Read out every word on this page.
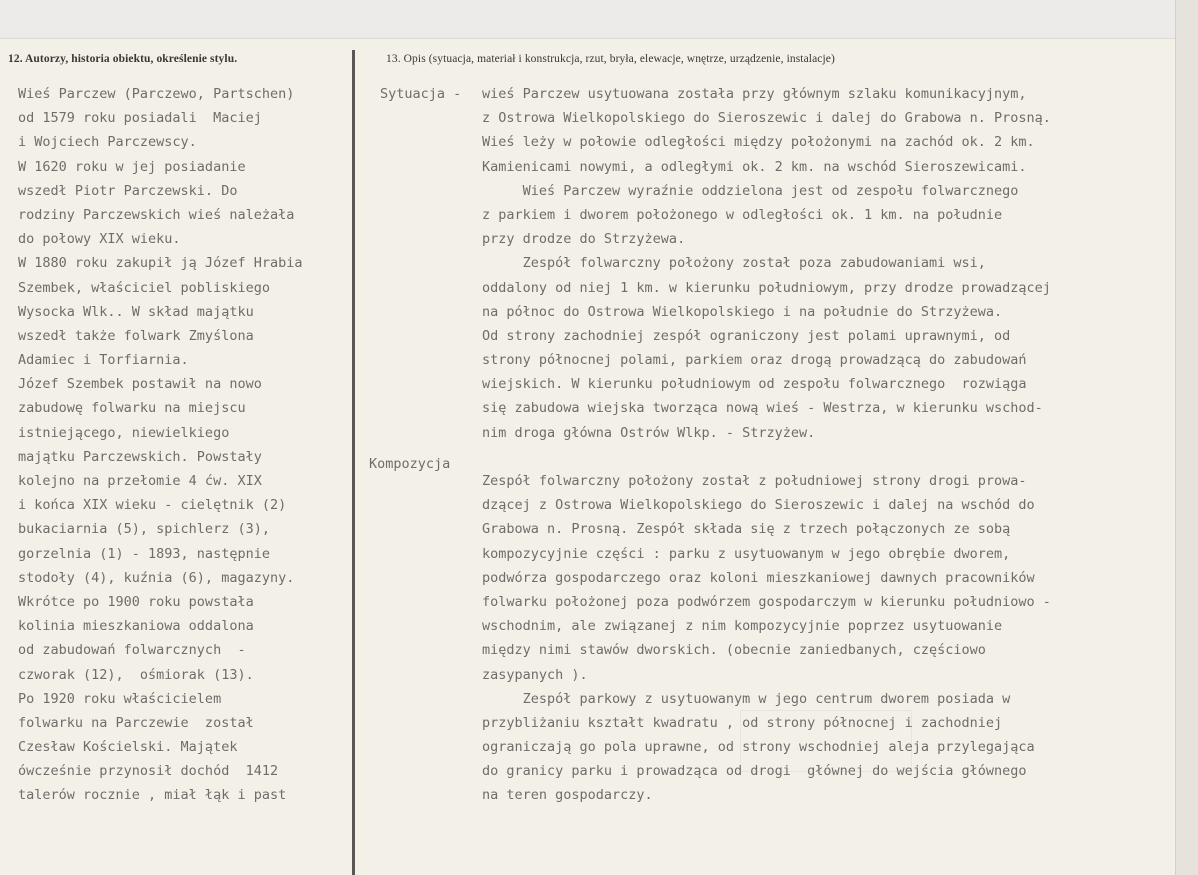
12. Autorzy, historia obiektu, określenie stylu.	13. Opis (sytuacja, materiał i konstrukcja, rzut, bryła, elewacje, wnętrze, urządzenie, instalacje)
Sytuacja -
Kompozycja
Wieś Parczew (Parczewo, Partschen)
od 1579 roku posiadali  Maciej
i Wojciech Parczewscy.
W 1620 roku w jej posiadanie
wszedł Piotr Parczewski. Do
rodziny Parczewskich wieś należała
do połowy XIX wieku.
W 1880 roku zakupił ją Józef Hrabia
Szembek, właściciel pobliskiego
Wysocka Wlk.. W skład majątku
wszedł także folwark Zmyślona
Adamiec i Torfiarnia.
Józef Szembek postawił na nowo
zabudowę folwarku na miejscu
istniejącego, niewielkiego
majątku Parczewskich. Powstały
kolejno na przełomie 4 ćw. XIX
i końca XIX wieku - cielętnik (2)
bukaciarnia (5), spichlerz (3),
gorzelnia (1) - 1893, następnie
stodoły (4), kuźnia (6), magazyny.
Wkrótce po 1900 roku powstała
kolinia mieszkaniowa oddalona
od zabudowań folwarcznych  -
czworak (12),  ośmiorak (13).
Po 1920 roku właścicielem
folwarku na Parczewie  został
Czesław Kościelski. Majątek
ówcześnie przynosił dochód  1412
talerów rocznie , miał łąk i past
wieś Parczew usytuowana została przy głównym szlaku komunikacyjnym,
z Ostrowa Wielkopolskiego do Sieroszewic i dalej do Grabowa n. Prosną.
Wieś leży w połowie odległości między położonymi na zachód ok. 2 km.
Kamienicami nowymi, a odległymi ok. 2 km. na wschód Sieroszewicami.
Wieś Parczew wyraźnie oddzielona jest od zespołu folwarcznego
z parkiem i dworem położonego w odległości ok. 1 km. na południe
przy drodze do Strzyżewa.
Zespół folwarczny położony został poza zabudowaniami wsi,
oddalony od niej 1 km. w kierunku południowym, przy drodze prowadzącej
na północ do Ostrowa Wielkopolskiego i na południe do Strzyżewa.
Od strony zachodniej zespół ograniczony jest polami uprawnymi, od
strony północnej polami, parkiem oraz drogą prowadzącą do zabudowań
wiejskich. W kierunku południowym od zespołu folwarcznego  rozwiąga
się zabudowa wiejska tworząca nową wieś - Westrza, w kierunku wschod-
nim droga główna Ostrów Wlkp. - Strzyżew.
Zespół folwarczny położony został z południowej strony drogi prowa-
dzącej z Ostrowa Wielkopolskiego do Sieroszewic i dalej na wschód do
Grabowa n. Prosną. Zespół składa się z trzech połączonych ze sobą
kompozycyjnie części : parku z usytuowanym w jego obrębie dworem,
podwórza gospodarczego oraz koloni mieszkaniowej dawnych pracowników
folwarku położonej poza podwórzem gospodarczym w kierunku południowo -
wschodnim, ale związanej z nim kompozycyjnie poprzez usytuowanie
między nimi stawów dworskich. (obecnie zaniedbanych, częściowo
zasypanych ).
Zespół parkowy z usytuowanym w jego centrum dworem posiada w
przybliżaniu kształt kwadratu , od strony północnej i zachodniej
ograniczają go pola uprawne, od strony wschodniej aleja przylegająca
do granicy parku i prowadząca od drogi  głównej do wejścia głównego
na teren gospodarczy.
